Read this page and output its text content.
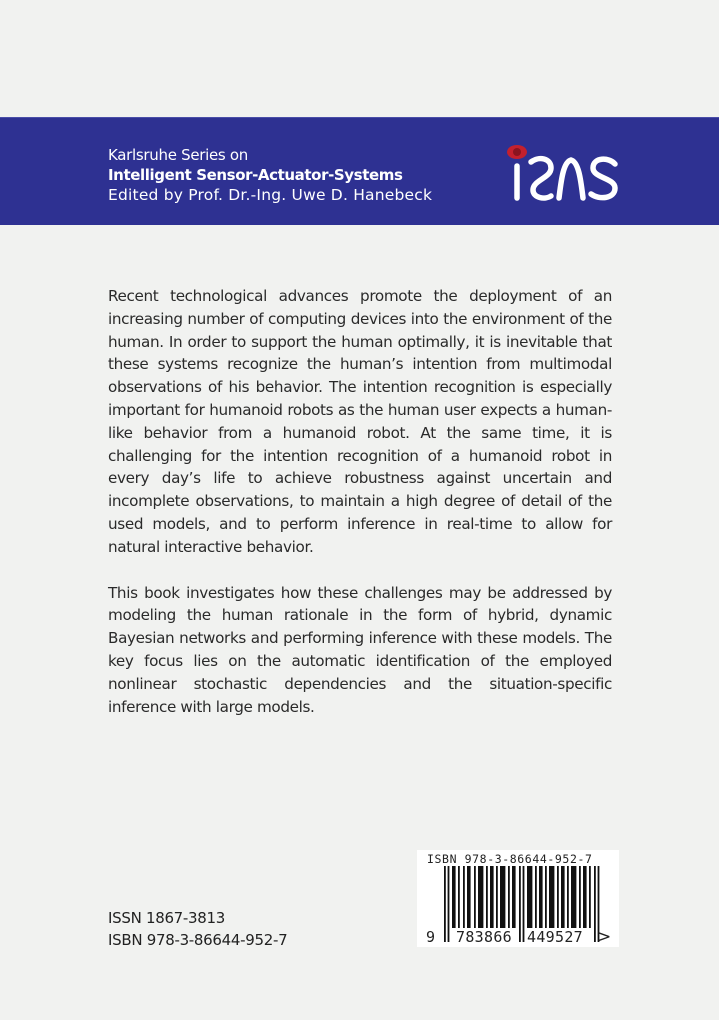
Karlsruhe Series on
Intelligent Sensor-Actuator-Systems
Edited by Prof. Dr.-Ing. Uwe D. Hanebeck

Recent technological advances promote the deployment of an increasing number of computing devices into the environment of the human. In order to support the human optimally, it is inevitable that these systems recognize the human’s intention from multimodal observations of his behavior. The intention recognition is especially important for humanoid robots as the human user expects a human-like behavior from a humanoid robot. At the same time, it is challenging for the intention recognition of a humanoid robot in every day’s life to achieve robustness against uncertain and incomplete observations, to maintain a high degree of detail of the used models, and to perform inference in real-time to allow for natural interactive behavior.

This book investigates how these challenges may be addressed by modeling the human rationale in the form of hybrid, dynamic Bayesian networks and performing inference with these models. The key focus lies on the automatic identification of the employed nonlinear stochastic dependencies and the situation-specific inference with large models.

ISSN 1867-3813
ISBN 978-3-86644-952-7
ISBN 978-3-86644-952-7
9 783866 449527 >
